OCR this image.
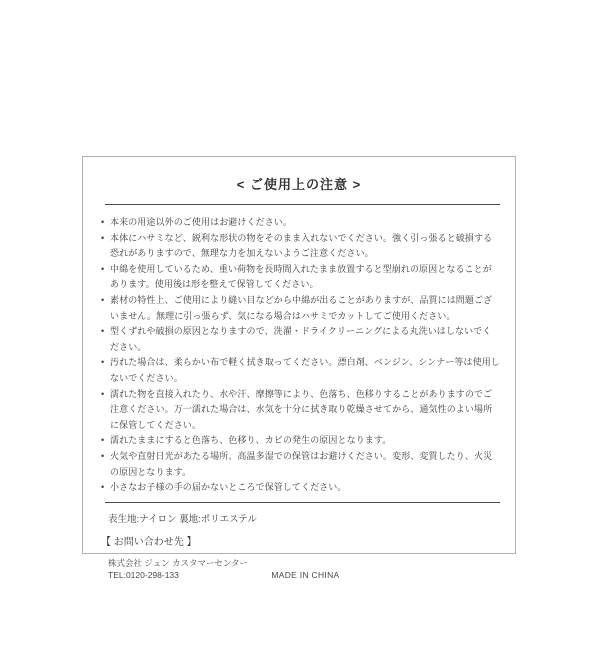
< ご使用上の注意 >
• 本来の用途以外のご使用はお避けください。
• 本体にハサミなど、鋭利な形状の物をそのまま入れないでください。強く引っ張ると破損する恐れがありますので、無理な力を加えないようご注意ください。
• 中綿を使用しているため、重い荷物を長時間入れたまま放置すると型崩れの原因となることがあります。使用後は形を整えて保管してください。
• 素材の特性上、ご使用により縫い目などから中綿が出ることがありますが、品質には問題ございません。無理に引っ張らず、気になる場合はハサミでカットしてご使用ください。
• 型くずれや破損の原因となりますので、洗濯・ドライクリーニングによる丸洗いはしないでください。
• 汚れた場合は、柔らかい布で軽く拭き取ってください。漂白剤、ベンジン、シンナー等は使用しないでください。
• 濡れた物を直接入れたり、水や汗、摩擦等により、色落ち、色移りすることがありますのでご注意ください。万一濡れた場合は、水気を十分に拭き取り乾燥させてから、通気性のよい場所に保管してください。
• 濡れたままにすると色落ち、色移り、カビの発生の原因となります。
• 火気や直射日光があたる場所、高温多湿での保管はお避けください。変形、変質したり、火災の原因となります。
• 小さなお子様の手の届かないところで保管してください。
表生地:ナイロン 裏地:ポリエステル
【 お問い合わせ先 】
株式会社 ジュン カスタマーセンター
TEL:0120-298-133	MADE IN CHINA
